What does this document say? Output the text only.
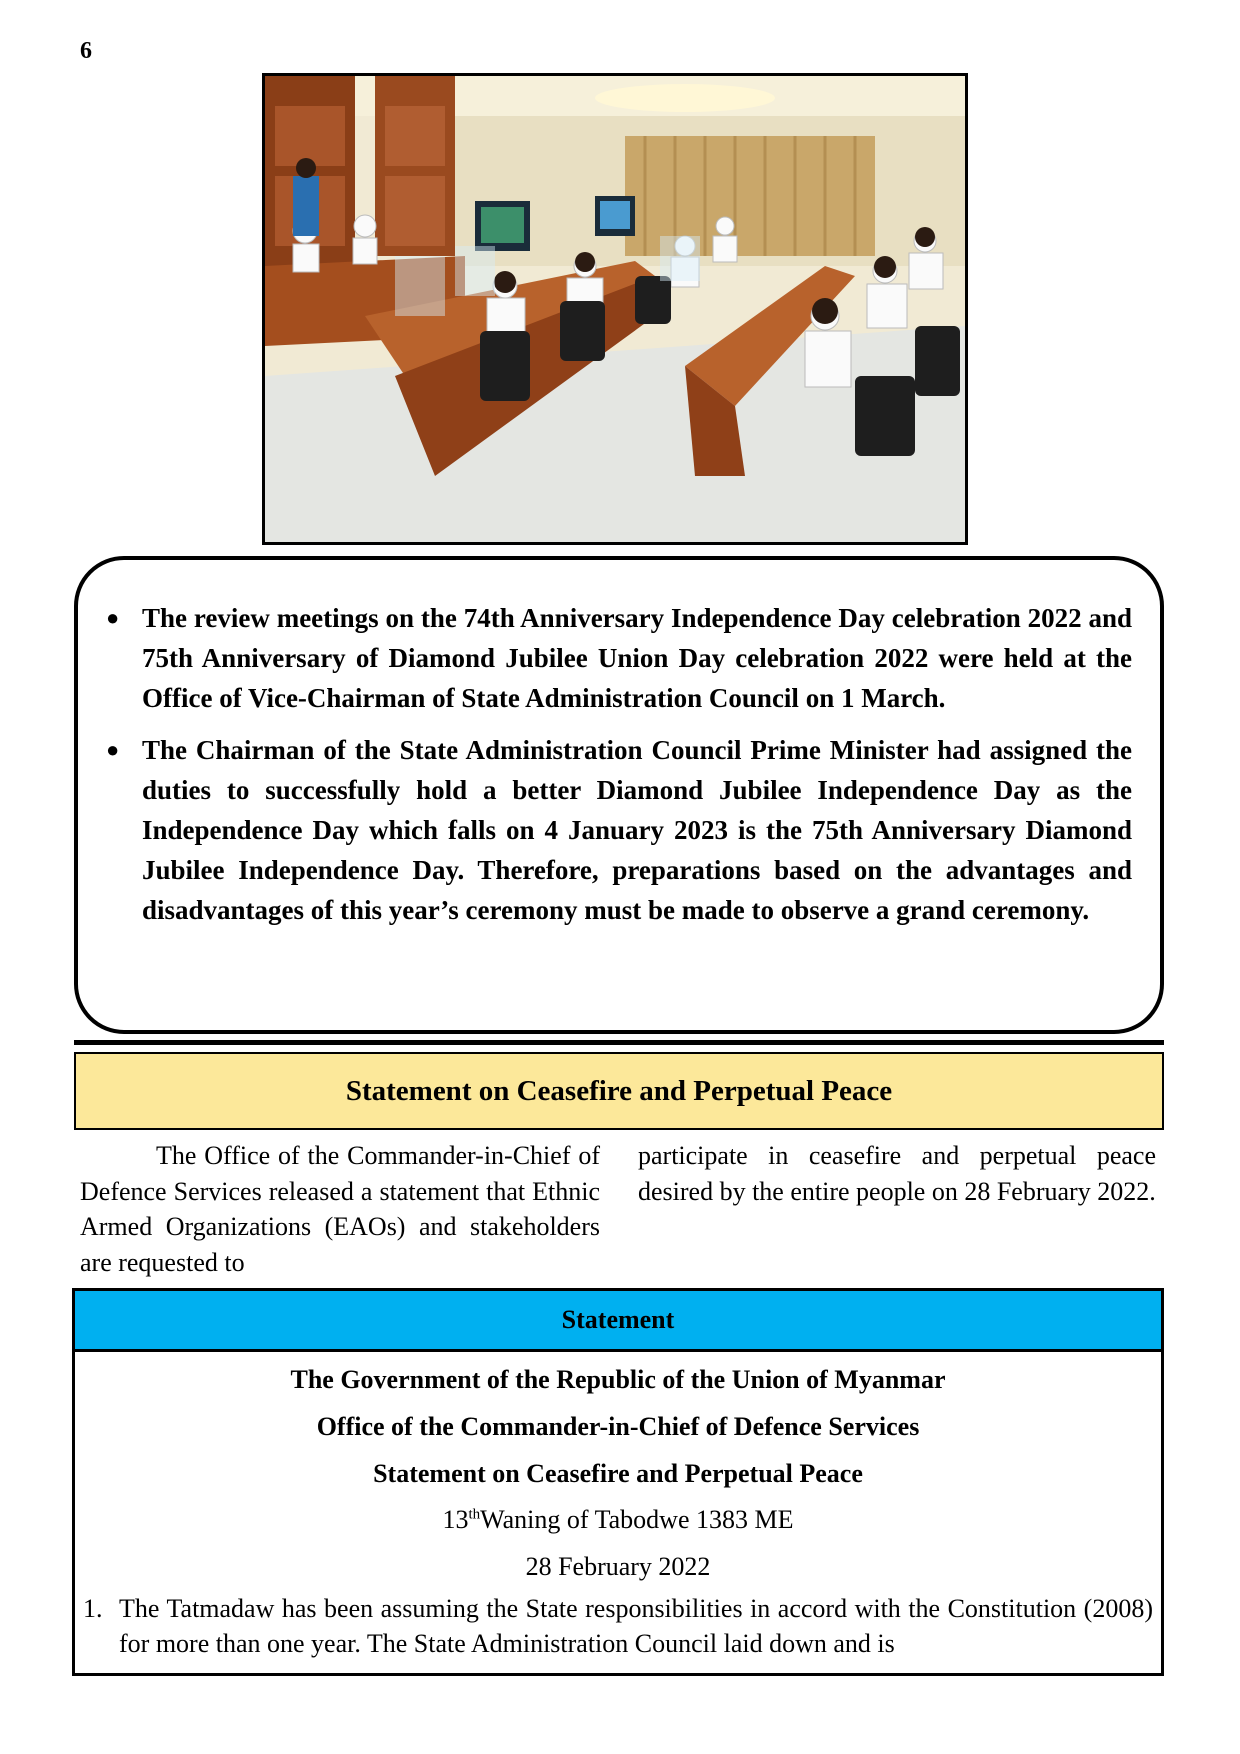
6
● The review meetings on the 74th Anniversary Independence Day celebration 2022 and 75th Anniversary of Diamond Jubilee Union Day celebration 2022 were held at the Office of Vice-Chairman of State Administration Council on 1 March.
● The Chairman of the State Administration Council Prime Minister had assigned the duties to successfully hold a better Diamond Jubilee Independence Day as the Independence Day which falls on 4 January 2023 is the 75th Anniversary Diamond Jubilee Independence Day. Therefore, preparations based on the advantages and disadvantages of this year’s ceremony must be made to observe a grand ceremony.
Statement on Ceasefire and Perpetual Peace
The Office of the Commander-in-Chief of Defence Services released a statement that Ethnic Armed Organizations (EAOs) and stakeholders are requested to
participate in ceasefire and perpetual peace desired by the entire people on 28 February 2022.
Statement
The Government of the Republic of the Union of Myanmar
Office of the Commander-in-Chief of Defence Services
Statement on Ceasefire and Perpetual Peace
13thWaning of Tabodwe 1383 ME
28 February 2022
1. The Tatmadaw has been assuming the State responsibilities in accord with the Constitution (2008) for more than one year. The State Administration Council laid down and is
